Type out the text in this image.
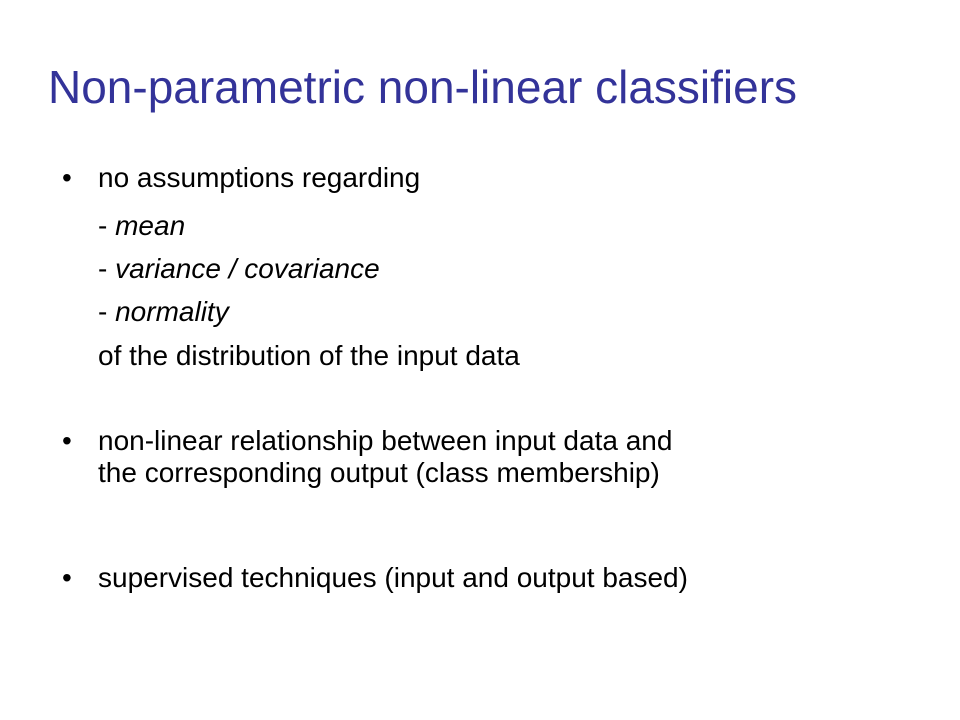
Non-parametric non-linear classifiers
• no assumptions regarding

- mean

- variance / covariance

- normality

of the distribution of the input data

• non-linear relationship between input data and

the corresponding output (class membership)

• supervised techniques (input and output based)
